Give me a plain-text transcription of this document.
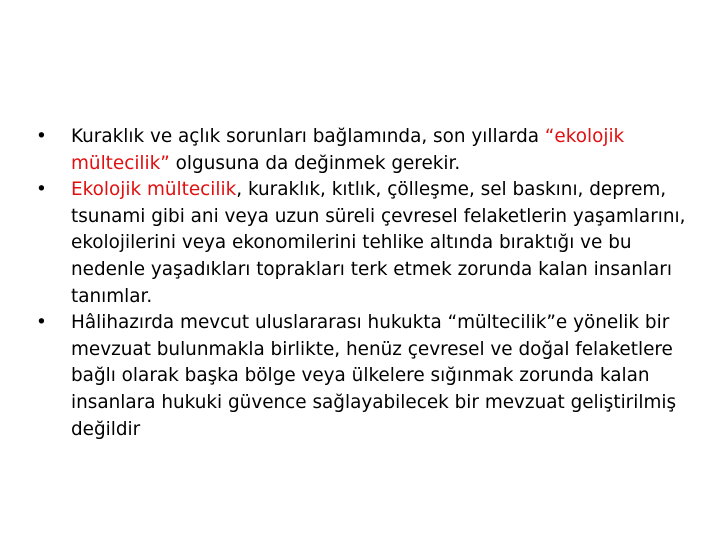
•	Kuraklık ve açlık sorunları bağlamında, son yıllarda “ekolojik mültecilik” olgusuna da değinmek gerekir.
•	Ekolojik mültecilik, kuraklık, kıtlık, çölleşme, sel baskını, deprem, tsunami gibi ani veya uzun süreli çevresel felaketlerin yaşamlarını, ekolojilerini veya ekonomilerini tehlike altında bıraktığı ve bu nedenle yaşadıkları toprakları terk etmek zorunda kalan insanları tanımlar.
•	Hâlihazırda mevcut uluslararası hukukta “mültecilik”e yönelik bir mevzuat bulunmakla birlikte, henüz çevresel ve doğal felaketlere bağlı olarak başka bölge veya ülkelere sığınmak zorunda kalan insanlara hukuki güvence sağlayabilecek bir mevzuat geliştirilmiş değildir
